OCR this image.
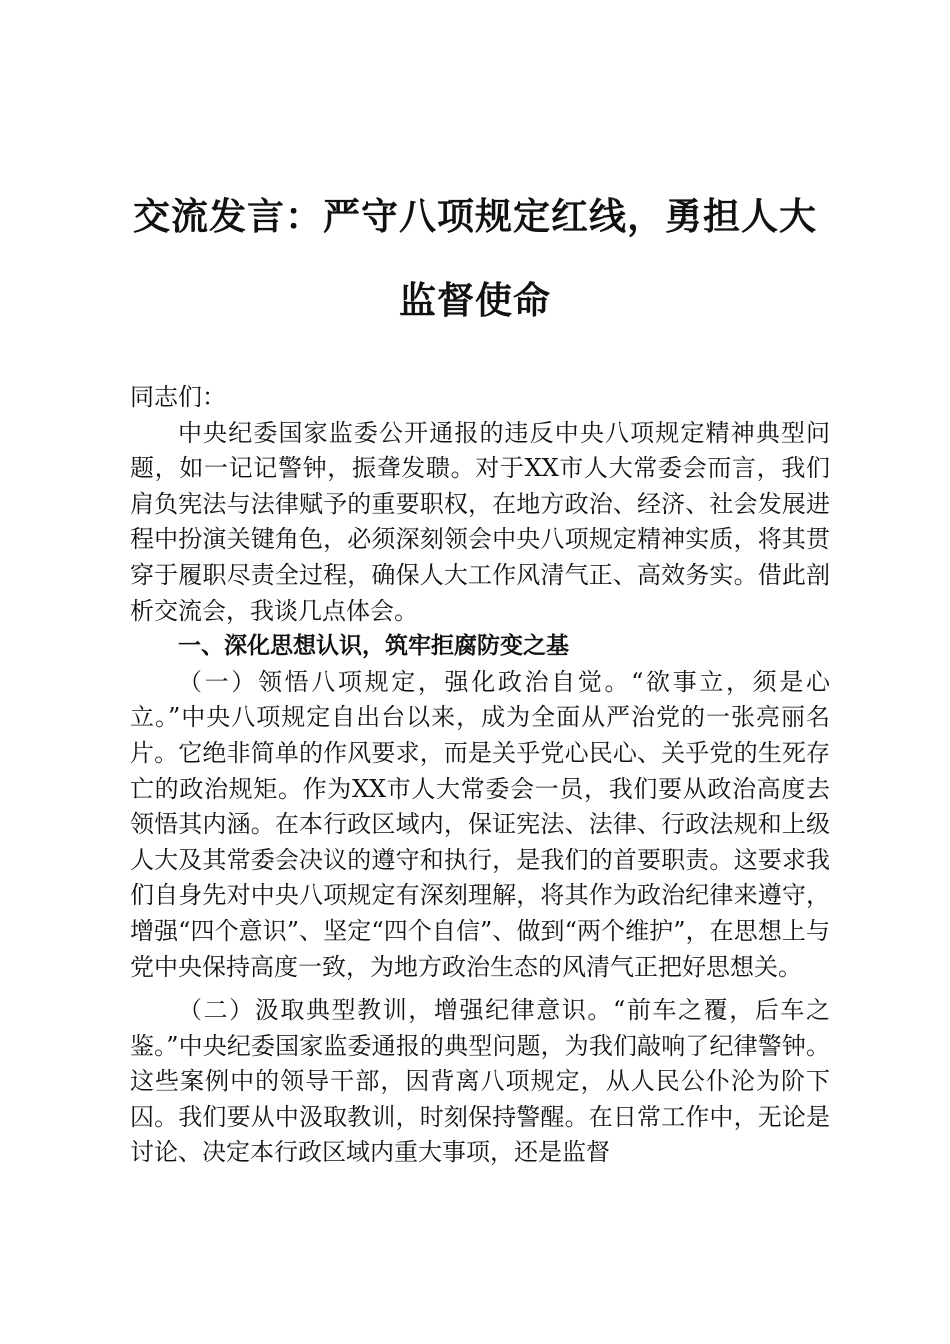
交流发言：严守八项规定红线，勇担人大监督使命

同志们：

中央纪委国家监委公开通报的违反中央八项规定精神典型问题，如一记记警钟，振聋发聩。对于XX市人大常委会而言，我们肩负宪法与法律赋予的重要职权，在地方政治、经济、社会发展进程中扮演关键角色，必须深刻领会中央八项规定精神实质，将其贯穿于履职尽责全过程，确保人大工作风清气正、高效务实。借此剖析交流会，我谈几点体会。

一、深化思想认识，筑牢拒腐防变之基

（一）领悟八项规定，强化政治自觉。“欲事立，须是心立。”中央八项规定自出台以来，成为全面从严治党的一张亮丽名片。它绝非简单的作风要求，而是关乎党心民心、关乎党的生死存亡的政治规矩。作为XX市人大常委会一员，我们要从政治高度去领悟其内涵。在本行政区域内，保证宪法、法律、行政法规和上级人大及其常委会决议的遵守和执行，是我们的首要职责。这要求我们自身先对中央八项规定有深刻理解，将其作为政治纪律来遵守，增强“四个意识”、坚定“四个自信”、做到“两个维护”，在思想上与党中央保持高度一致，为地方政治生态的风清气正把好思想关。

（二）汲取典型教训，增强纪律意识。“前车之覆，后车之鉴。”中央纪委国家监委通报的典型问题，为我们敲响了纪律警钟。这些案例中的领导干部，因背离八项规定，从人民公仆沦为阶下囚。我们要从中汲取教训，时刻保持警醒。在日常工作中，无论是讨论、决定本行政区域内重大事项，还是监督
